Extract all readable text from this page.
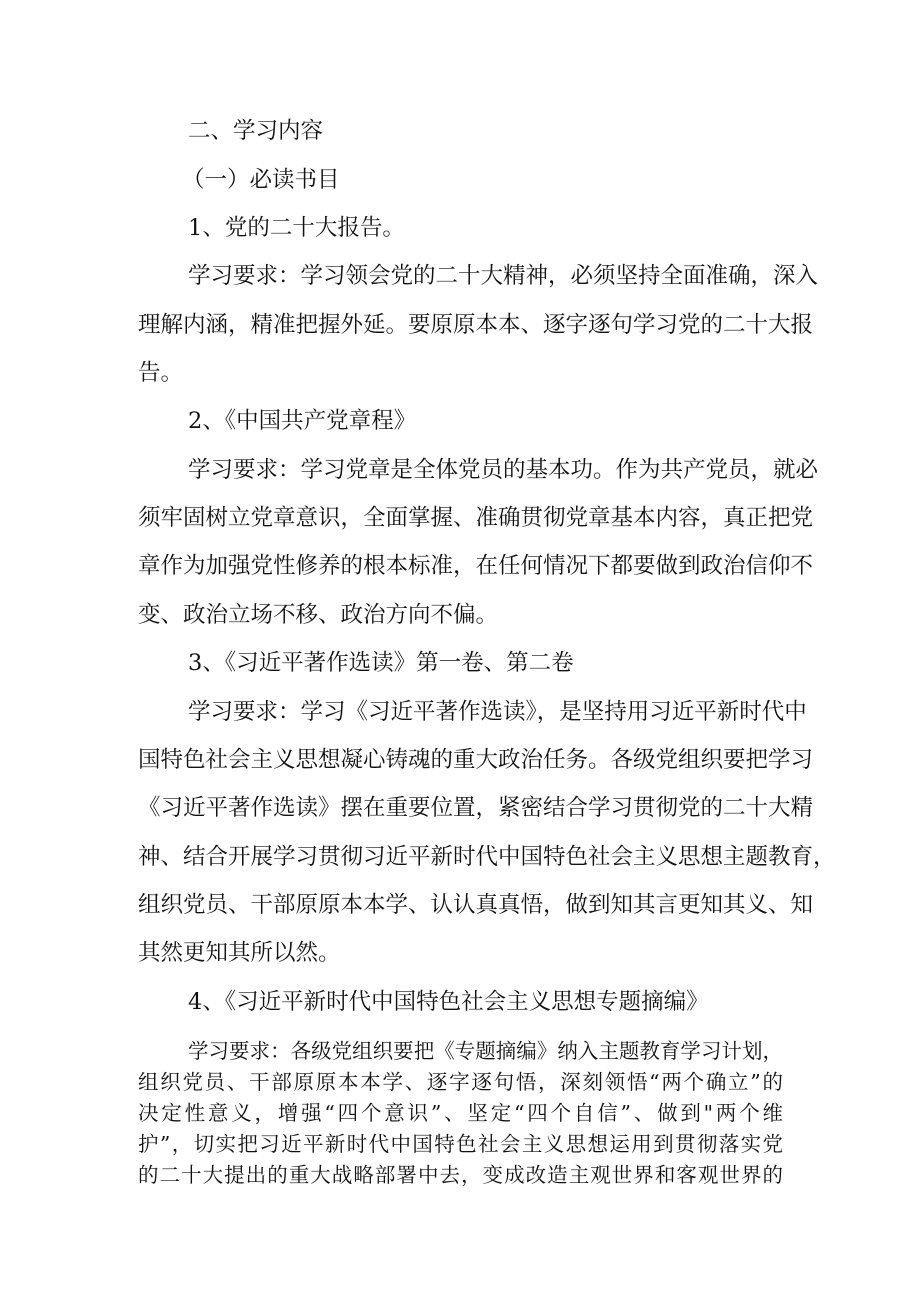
二、学习内容
（一）必读书目
1、党的二十大报告。
学习要求：学习领会党的二十大精神，必须坚持全面准确，深入
理解内涵，精准把握外延。要原原本本、逐字逐句学习党的二十大报
告。
2、《中国共产党章程》
学习要求：学习党章是全体党员的基本功。作为共产党员，就必
须牢固树立党章意识，全面掌握、准确贯彻党章基本内容，真正把党
章作为加强党性修养的根本标准，在任何情况下都要做到政治信仰不
变、政治立场不移、政治方向不偏。
3、《习近平著作选读》第一卷、第二卷
学习要求：学习《习近平著作选读》，是坚持用习近平新时代中
国特色社会主义思想凝心铸魂的重大政治任务。各级党组织要把学习
《习近平著作选读》摆在重要位置，紧密结合学习贯彻党的二十大精
神、结合开展学习贯彻习近平新时代中国特色社会主义思想主题教育，
组织党员、干部原原本本学、认认真真悟，做到知其言更知其义、知
其然更知其所以然。
4、《习近平新时代中国特色社会主义思想专题摘编》
学习要求：各级党组织要把《专题摘编》纳入主题教育学习计划，
组织党员、干部原原本本学、逐字逐句悟，深刻领悟“两个确立”的
决定性意义，增强“四个意识”、坚定“四个自信”、做到"两个维
护”，切实把习近平新时代中国特色社会主义思想运用到贯彻落实党
的二十大提出的重大战略部署中去，变成改造主观世界和客观世界的
